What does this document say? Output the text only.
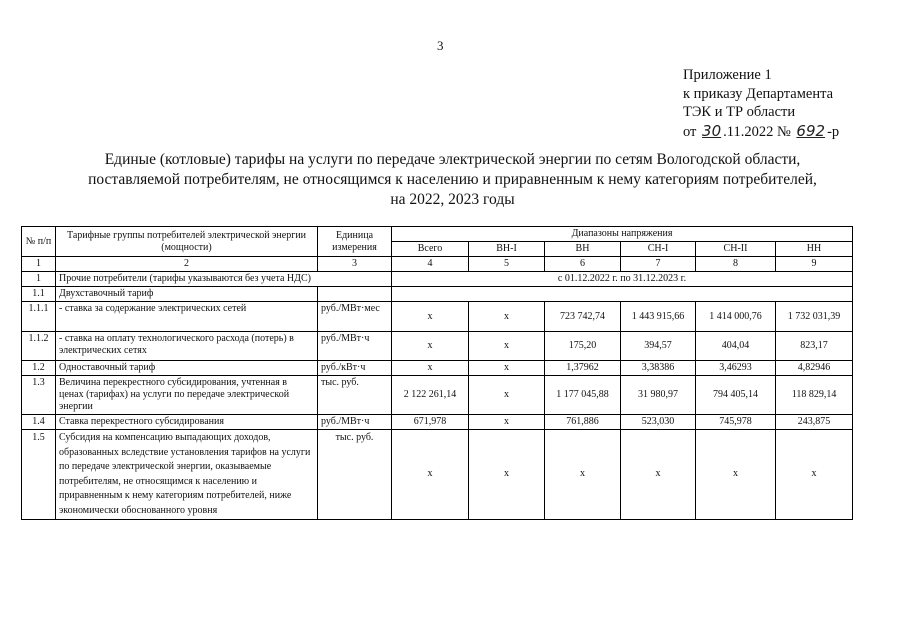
3
Приложение 1
к приказу Департамента
ТЭК и ТР области
от 30 .11.2022 № 692 -р
Единые (котловые) тарифы на услуги по передаче электрической энергии по сетям Вологодской области,
поставляемой потребителям, не относящимся к населению и приравненным к нему категориям потребителей,
на 2022, 2023 годы
№ п/п	Тарифные группы потребителей электрической энергии (мощности)	Единица измерения	Диапазоны напряжения					
			Всего	ВН-I	ВН	СН-I	СН-II	НН
1	2	3	4	5	6	7	8	9
1	Прочие потребители (тарифы указываются без учета НДС)		с 01.12.2022 г. по 31.12.2023 г.					
1.1	Двухставочный тариф							
1.1.1	- ставка за содержание электрических сетей	руб./МВт·мес	x	x	723 742,74	1 443 915,66	1 414 000,76	1 732 031,39
1.1.2	- ставка на оплату технологического расхода (потерь) в электрических сетях	руб./МВт·ч	x	x	175,20	394,57	404,04	823,17
1.2	Одноставочный тариф	руб./кВт·ч	x	x	1,37962	3,38386	3,46293	4,82946
1.3	Величина перекрестного субсидирования, учтенная в ценах (тарифах) на услуги по передаче электрической энергии	тыс. руб.	2 122 261,14	x	1 177 045,88	31 980,97	794 405,14	118 829,14
1.4	Ставка перекрестного субсидирования	руб./МВт·ч	671,978	x	761,886	523,030	745,978	243,875
1.5	Субсидия на компенсацию выпадающих доходов, образованных вследствие установления тарифов на услуги по передаче электрической энергии, оказываемые потребителям, не относящимся к населению и приравненным к нему категориям потребителей, ниже экономически обоснованного уровня	тыс. руб.	x	x	x	x	x	x
